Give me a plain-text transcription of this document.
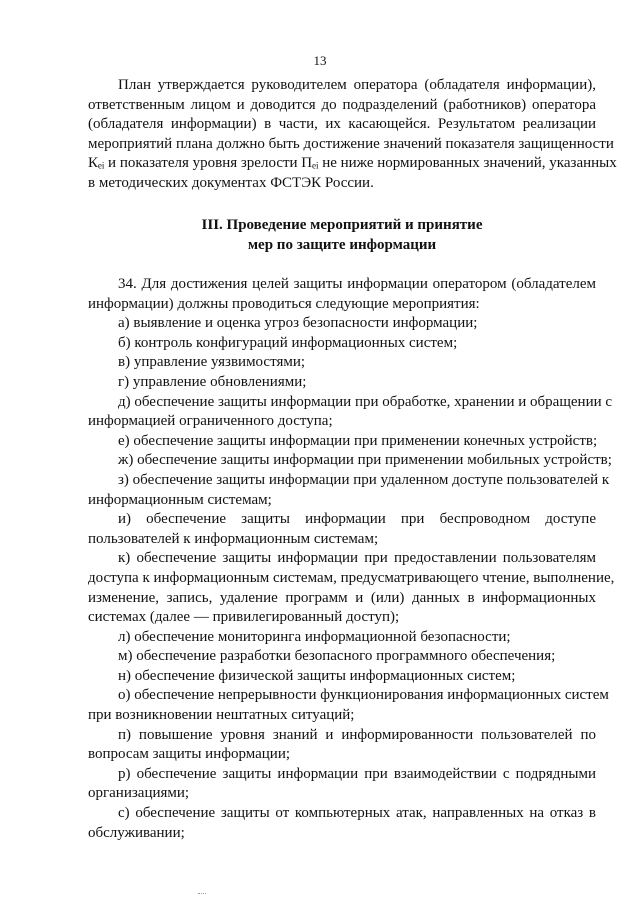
13
План утверждается руководителем оператора (обладателя информации),
ответственным лицом и доводится до подразделений (работников) оператора
(обладателя информации) в части, их касающейся. Результатом реализации
мероприятий плана должно быть достижение значений показателя защищенности
Кₑᵢ и показателя уровня зрелости Пₑᵢ не ниже нормированных значений, указанных
в методических документах ФСТЭК России.
III. Проведение мероприятий и принятие
мер по защите информации
34. Для достижения целей защиты информации оператором (обладателем
информации) должны проводиться следующие мероприятия:
а) выявление и оценка угроз безопасности информации;
б) контроль конфигураций информационных систем;
в) управление уязвимостями;
г) управление обновлениями;
д) обеспечение защиты информации при обработке, хранении и обращении с
информацией ограниченного доступа;
е) обеспечение защиты информации при применении конечных устройств;
ж) обеспечение защиты информации при применении мобильных устройств;
з) обеспечение защиты информации при удаленном доступе пользователей к
информационным системам;
и) обеспечение защиты информации при беспроводном доступе
пользователей к информационным системам;
к) обеспечение защиты информации при предоставлении пользователям
доступа к информационным системам, предусматривающего чтение, выполнение,
изменение, запись, удаление программ и (или) данных в информационных
системах (далее — привилегированный доступ);
л) обеспечение мониторинга информационной безопасности;
м) обеспечение разработки безопасного программного обеспечения;
н) обеспечение физической защиты информационных систем;
о) обеспечение непрерывности функционирования информационных систем
при возникновении нештатных ситуаций;
п) повышение уровня знаний и информированности пользователей по
вопросам защиты информации;
р) обеспечение защиты информации при взаимодействии с подрядными
организациями;
с) обеспечение защиты от компьютерных атак, направленных на отказ в
обслуживании;
